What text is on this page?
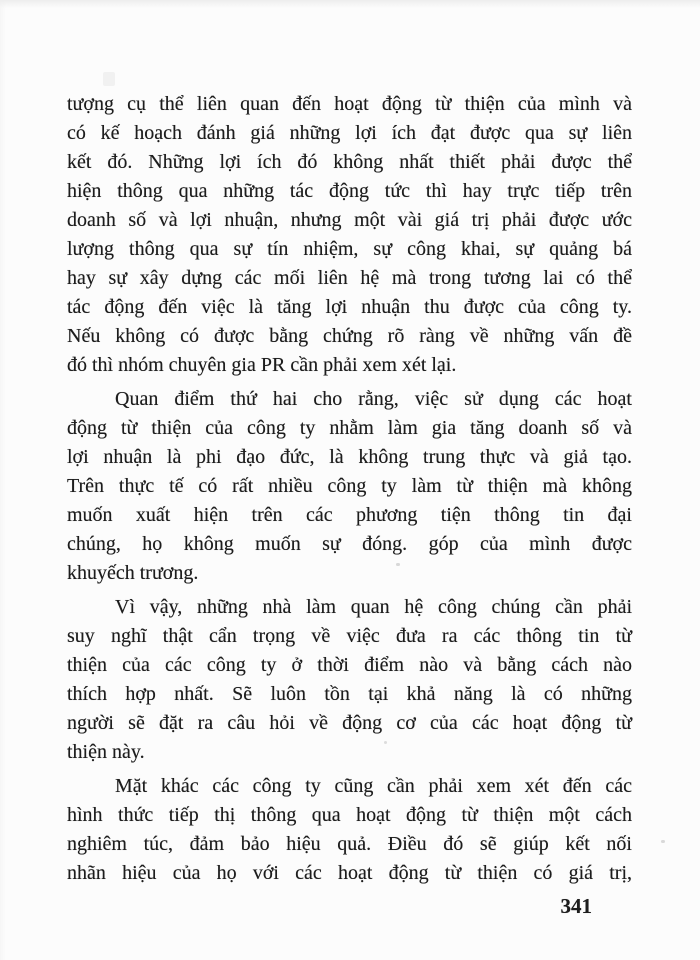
tượng cụ thể liên quan đến hoạt động từ thiện của mình và
có kế hoạch đánh giá những lợi ích đạt được qua sự liên
kết đó. Những lợi ích đó không nhất thiết phải được thể
hiện thông qua những tác động tức thì hay trực tiếp trên
doanh số và lợi nhuận, nhưng một vài giá trị phải được ước
lượng thông qua sự tín nhiệm, sự công khai, sự quảng bá
hay sự xây dựng các mối liên hệ mà trong tương lai có thể
tác động đến việc là tăng lợi nhuận thu được của công ty.
Nếu không có được bằng chứng rõ ràng về những vấn đề
đó thì nhóm chuyên gia PR cần phải xem xét lại.
Quan điểm thứ hai cho rằng, việc sử dụng các hoạt
động từ thiện của công ty nhằm làm gia tăng doanh số và
lợi nhuận là phi đạo đức, là không trung thực và giả tạo.
Trên thực tế có rất nhiều công ty làm từ thiện mà không
muốn xuất hiện trên các phương tiện thông tin đại
chúng, họ không muốn sự đóng. góp của mình được
khuyếch trương.
Vì vậy, những nhà làm quan hệ công chúng cần phải
suy nghĩ thật cẩn trọng về việc đưa ra các thông tin từ
thiện của các công ty ở thời điểm nào và bằng cách nào
thích hợp nhất. Sẽ luôn tồn tại khả năng là có những
người sẽ đặt ra câu hỏi về động cơ của các hoạt động từ
thiện này.
Mặt khác các công ty cũng cần phải xem xét đến các
hình thức tiếp thị thông qua hoạt động từ thiện một cách
nghiêm túc, đảm bảo hiệu quả. Điều đó sẽ giúp kết nối
nhãn hiệu của họ với các hoạt động từ thiện có giá trị,
341
